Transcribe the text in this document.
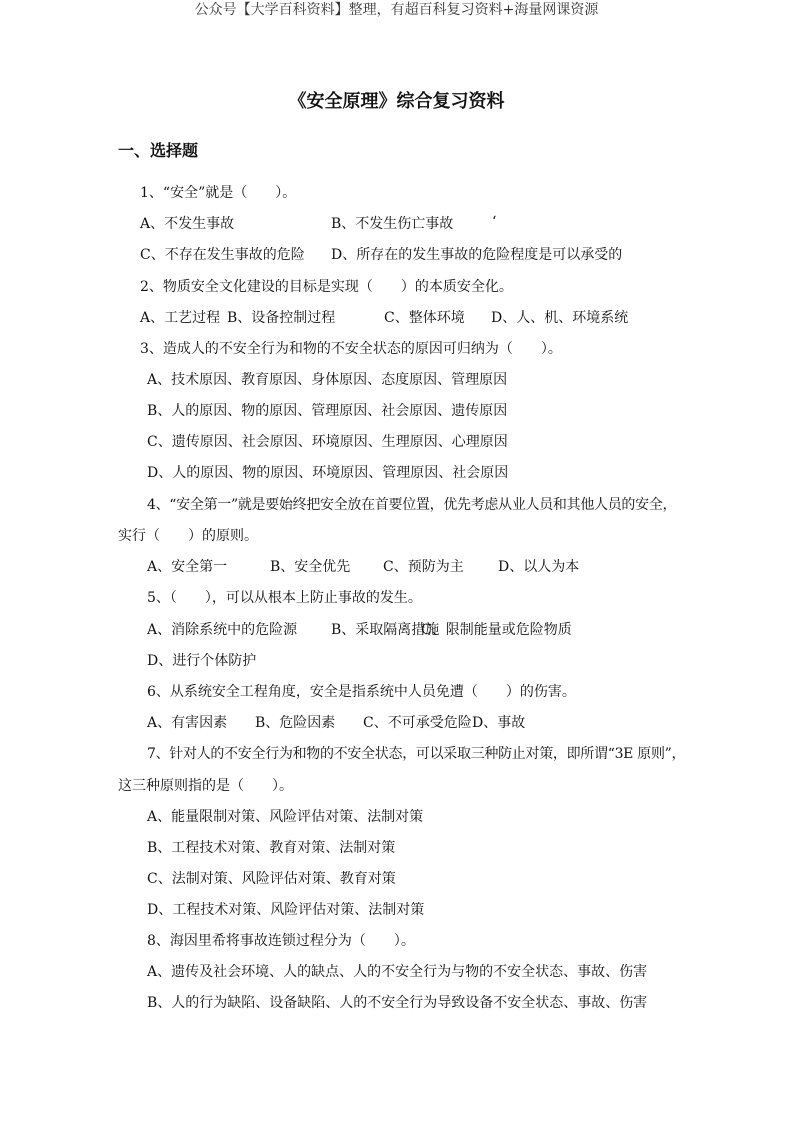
公众号【大学百科资料】整理，有超百科复习资料+海量网课资源
《安全原理》综合复习资料
一、选择题
1、“安全”就是（　　）。
A、不发生事故	B、不发生伤亡事故	‘
C、不存在发生事故的危险 D、所存在的发生事故的危险程度是可以承受的
2、物质安全文化建设的目标是实现（　　）的本质安全化。
A、工艺过程 B、设备控制过程	C、整体环境 D、人、机、环境系统
3、造成人的不安全行为和物的不安全状态的原因可归纳为（　　）。
A、技术原因、教育原因、身体原因、态度原因、管理原因
B、人的原因、物的原因、管理原因、社会原因、遗传原因
C、遗传原因、社会原因、环境原因、生理原因、心理原因
D、人的原因、物的原因、环境原因、管理原因、社会原因
4、“安全第一”就是要始终把安全放在首要位置，优先考虑从业人员和其他人员的安全，
实行（　　）的原则。
A、安全第一	B、安全优先 C、预防为主 D、以人为本
5、（　　），可以从根本上防止事故的发生。
A、消除系统中的危险源 B、采取隔离措施
C、限制能量或危险物质
D、进行个体防护
6、从系统安全工程角度，安全是指系统中人员免遭（　　）的伤害。
A、有害因素 B、危险因素 C、不可承受危险 D、事故
7、针对人的不安全行为和物的不安全状态，可以采取三种防止对策，即所谓“3E 原则”，
这三种原则指的是（　　）。
A、能量限制对策、风险评估对策、法制对策
B、工程技术对策、教育对策、法制对策
C、法制对策、风险评估对策、教育对策
D、工程技术对策、风险评估对策、法制对策
8、海因里希将事故连锁过程分为（　　）。
A、遗传及社会环境、人的缺点、人的不安全行为与物的不安全状态、事故、伤害
B、人的行为缺陷、设备缺陷、人的不安全行为导致设备不安全状态、事故、伤害
